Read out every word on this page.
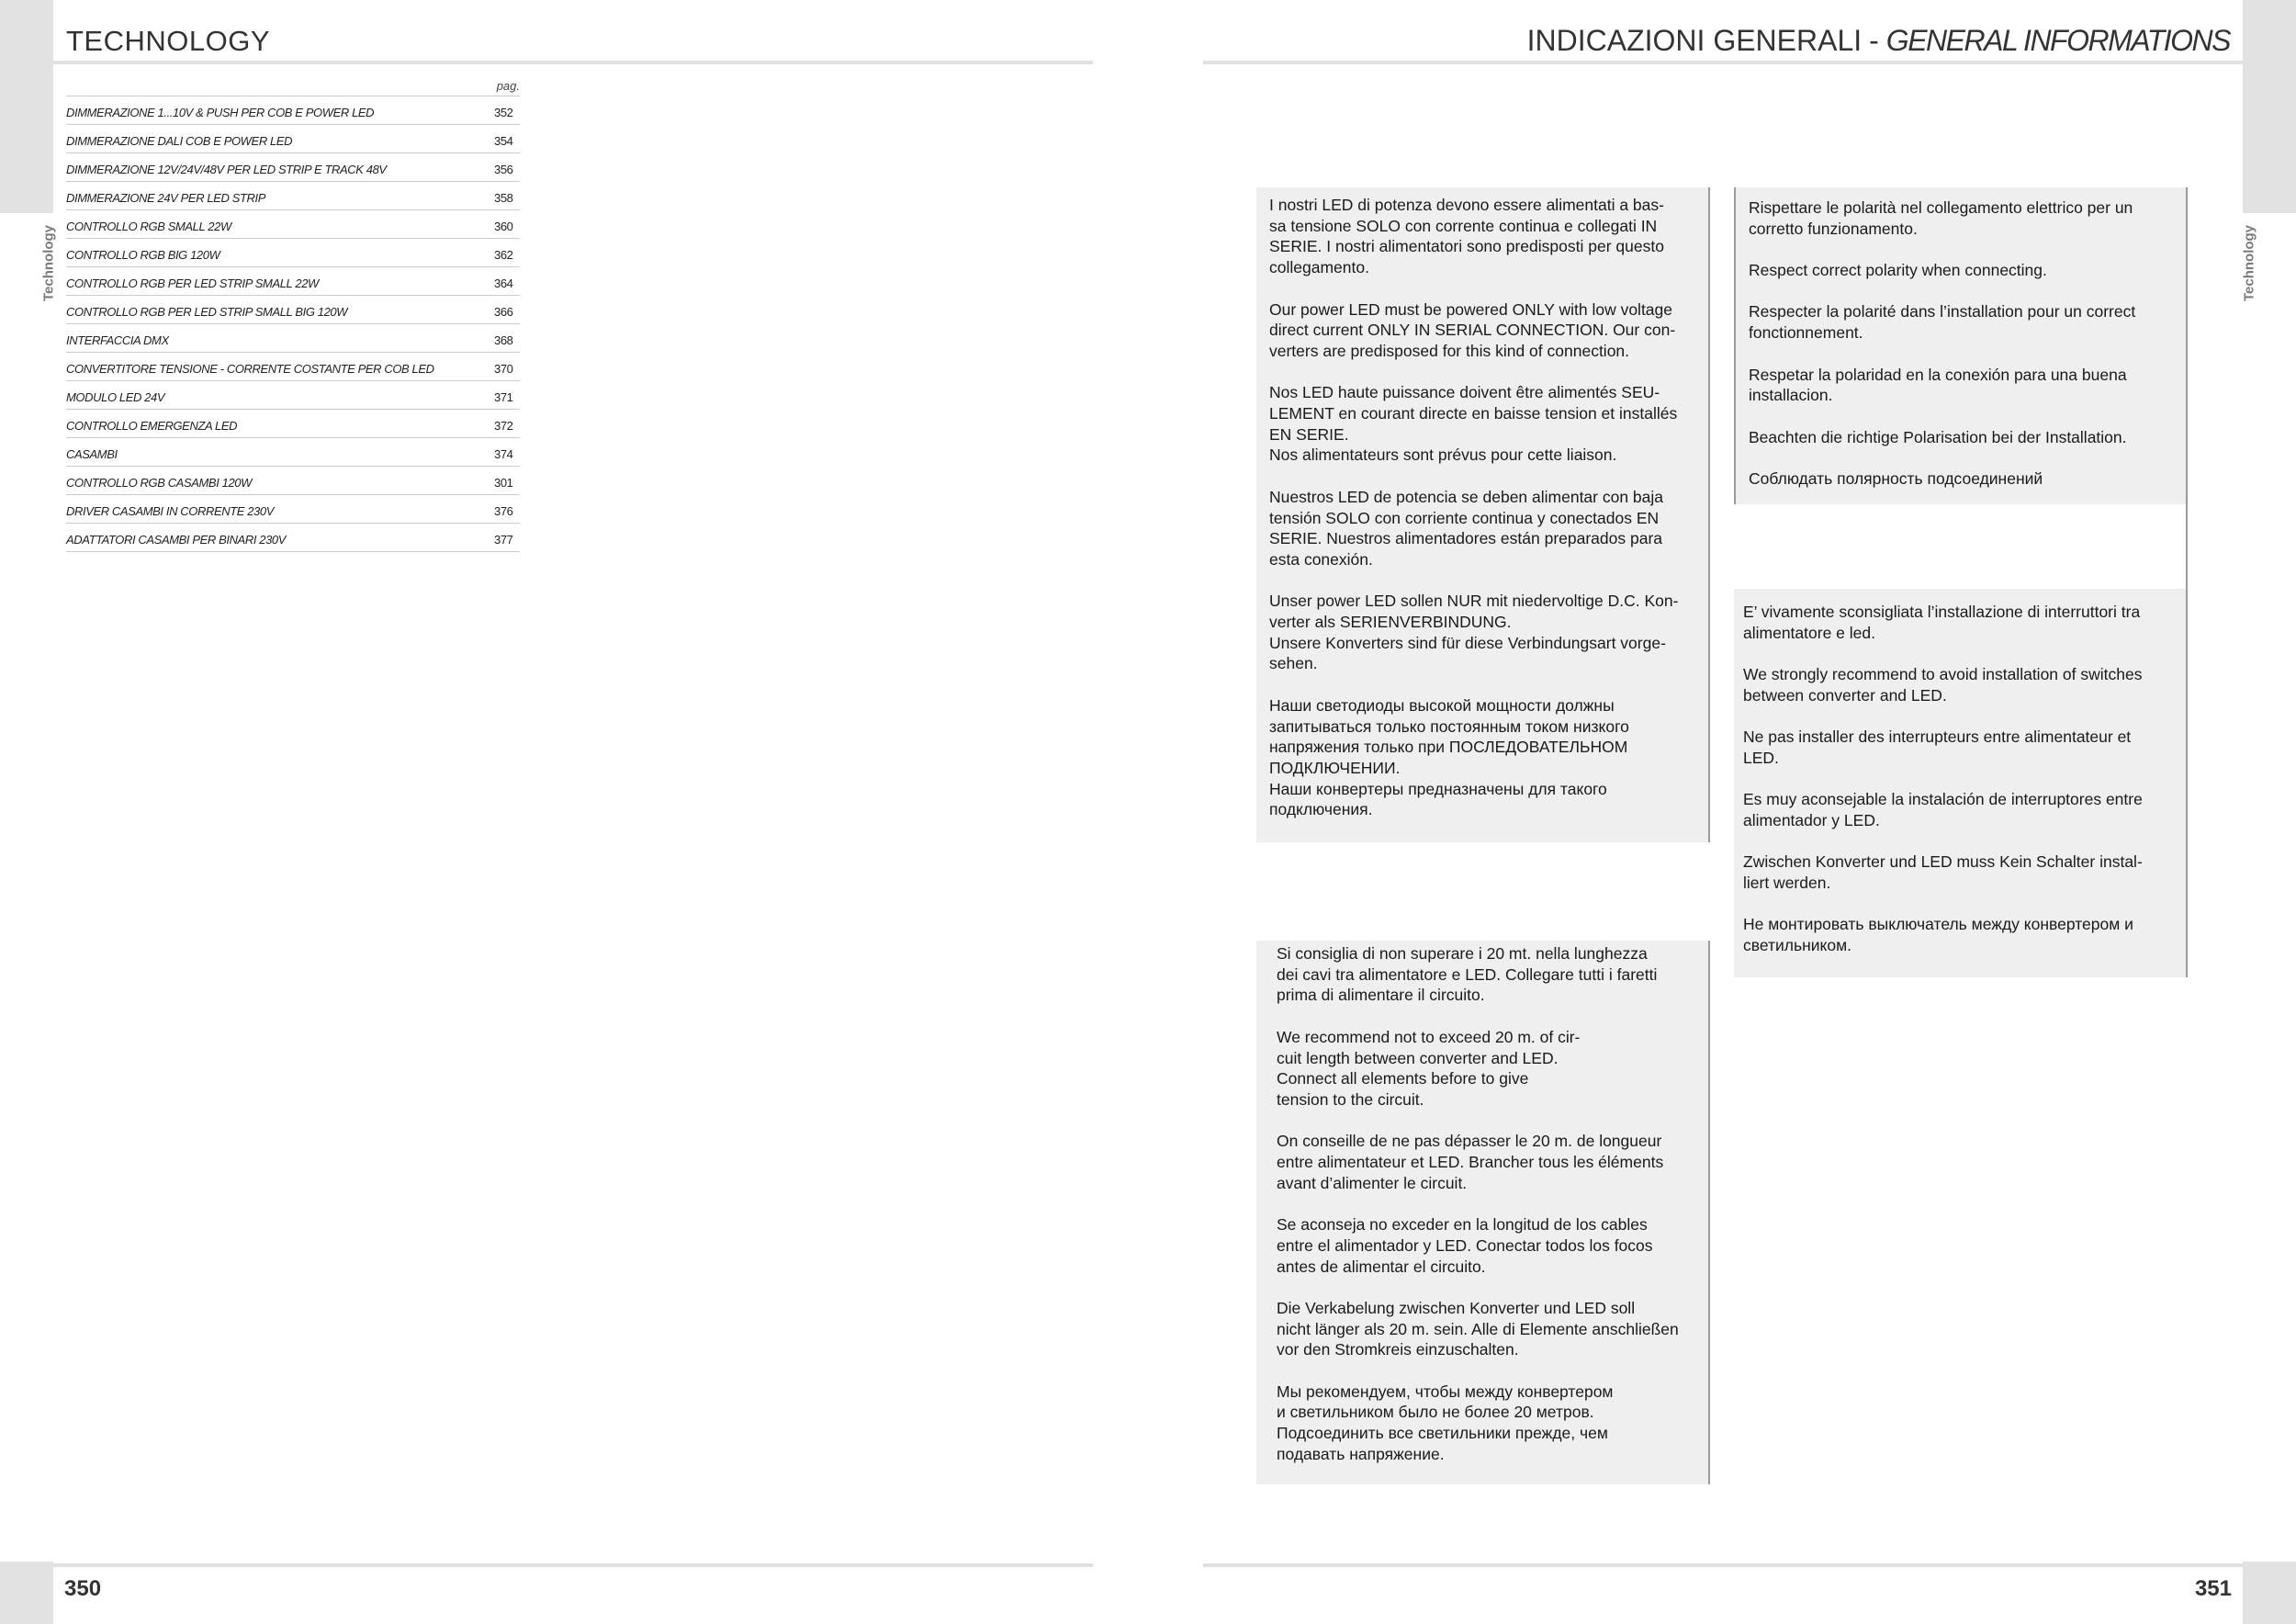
Technology	Technology
TECHNOLOGY	INDICAZIONI GENERALI - GENERAL INFORMATIONS
350	351
pag.
DIMMERAZIONE 1...10V & PUSH PER COB E POWER LED	352
DIMMERAZIONE DALI COB E POWER LED	354
DIMMERAZIONE 12V/24V/48V PER LED STRIP E TRACK 48V	356
DIMMERAZIONE 24V PER LED STRIP	358
CONTROLLO RGB SMALL 22W	360
CONTROLLO RGB BIG 120W	362
CONTROLLO RGB PER LED STRIP SMALL 22W	364
CONTROLLO RGB PER LED STRIP SMALL BIG 120W	366
INTERFACCIA DMX	368
CONVERTITORE TENSIONE - CORRENTE COSTANTE PER COB LED	370
MODULO LED 24V	371
CONTROLLO EMERGENZA LED	372
CASAMBI	374
CONTROLLO RGB CASAMBI 120W	301
DRIVER CASAMBI IN CORRENTE 230V	376
ADATTATORI CASAMBI PER BINARI 230V	377

I nostri LED di potenza devono essere alimentati a bas-
sa tensione SOLO con corrente continua e collegati IN
SERIE. I nostri alimentatori sono predisposti per questo
collegamento.

Our power LED must be powered ONLY with low voltage
direct current ONLY IN SERIAL CONNECTION. Our con-
verters are predisposed for this kind of connection.

Nos LED haute puissance doivent être alimentés SEU-
LEMENT en courant directe en baisse tension et installés
EN SERIE.
Nos alimentateurs sont prévus pour cette liaison.

Nuestros LED de potencia se deben alimentar con baja
tensión SOLO con corriente continua y conectados EN
SERIE. Nuestros alimentadores están preparados para
esta conexión.

Unser power LED sollen NUR mit niedervoltige D.C. Kon-
verter als SERIENVERBINDUNG.
Unsere Konverters sind für diese Verbindungsart vorge-
sehen.

Наши светодиоды высокой мощности должны
запитываться только постоянным током низкого
напряжения только при ПОСЛЕДОВАТЕЛЬНОМ
ПОДКЛЮЧЕНИИ.
Наши конвертеры предназначены для такого
подключения.

Si consiglia di non superare i 20 mt. nella lunghezza
dei cavi tra alimentatore e LED. Collegare tutti i faretti
prima di alimentare il circuito.

We recommend not to exceed 20 m. of cir-
cuit length between converter and LED.
Connect all elements before to give
tension to the circuit.

On conseille de ne pas dépasser le 20 m. de longueur
entre alimentateur et LED. Brancher tous les éléments
avant d’alimenter le circuit.

Se aconseja no exceder en la longitud de los cables
entre el alimentador y LED. Conectar todos los focos
antes de alimentar el circuito.

Die Verkabelung zwischen Konverter und LED soll
nicht länger als 20 m. sein. Alle di Elemente anschließen
vor den Stromkreis einzuschalten.

Мы рекомендуем, чтобы между конвертером
и светильником было не более 20 метров.
Подсоединить все светильники прежде, чем
подавать напряжение.

Rispettare le polarità nel collegamento elettrico per un
corretto funzionamento.

Respect correct polarity when connecting.

Respecter la polarité dans l’installation pour un correct
fonctionnement.

Respetar la polaridad en la conexión para una buena
installacion.

Beachten die richtige Polarisation bei der Installation.

Соблюдать полярность подсоединений

E’ vivamente sconsigliata l’installazione di interruttori tra
alimentatore e led.

We strongly recommend to avoid installation of switches
between converter and LED.

Ne pas installer des interrupteurs entre alimentateur et
LED.

Es muy aconsejable la instalación de interruptores entre
alimentador y LED.

Zwischen Konverter und LED muss Kein Schalter instal-
liert werden.

Не монтировать выключатель между конвертером и
светильником.
